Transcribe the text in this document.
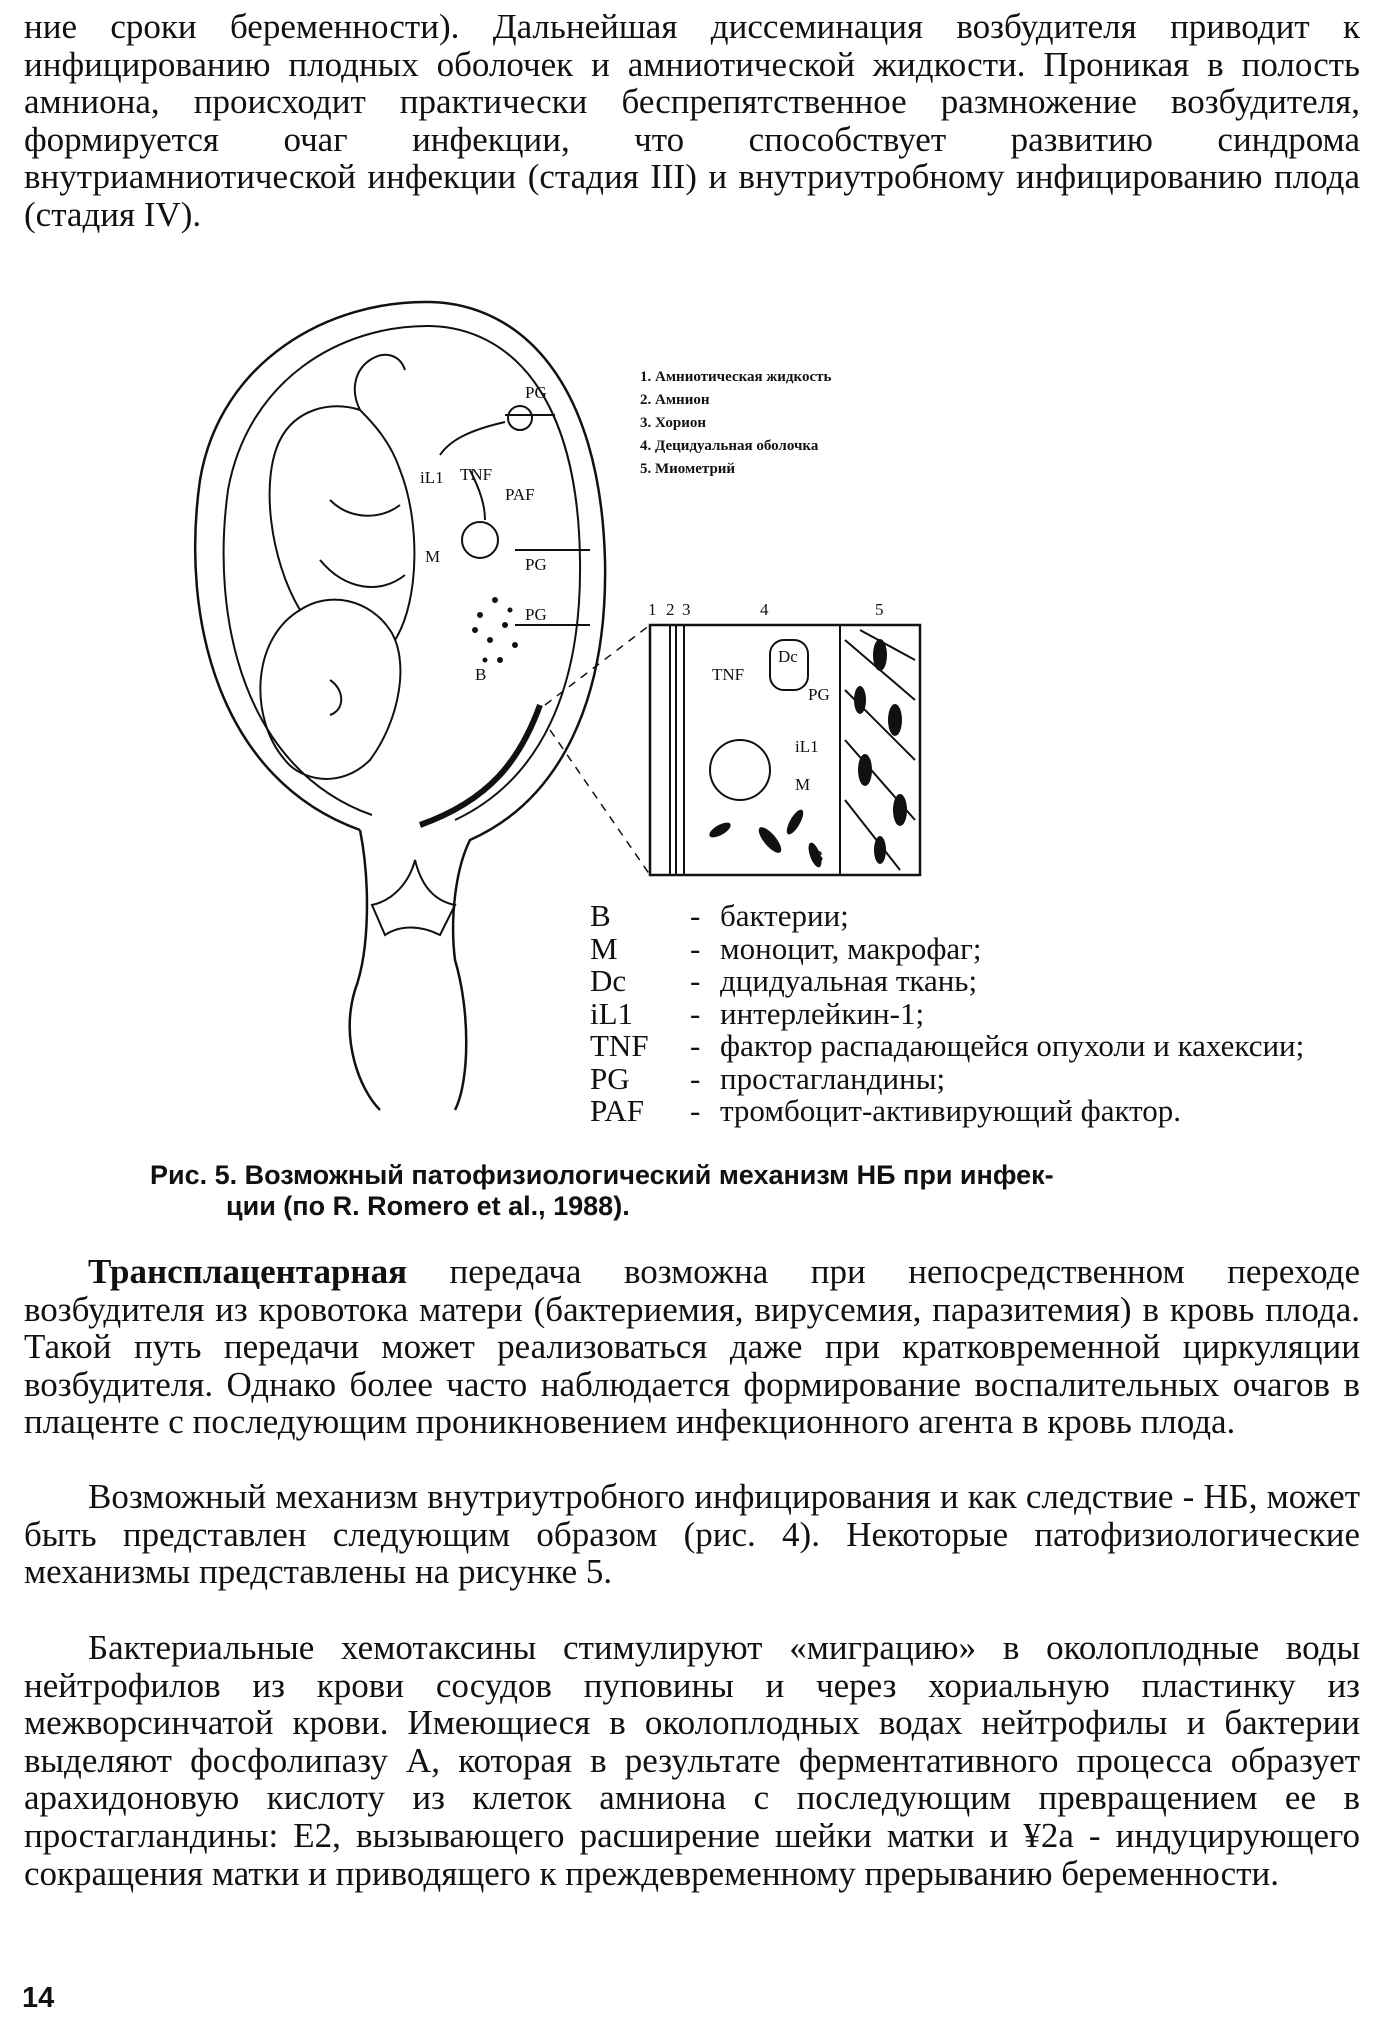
ние сроки беременности). Дальнейшая диссеминация возбудителя приводит к инфицированию плодных оболочек и амниотической жидкости. Проникая в полость амниона, происходит практически беспрепятственное размножение возбудителя, формируется очаг инфекции, что способствует развитию синдрома внутриамниотической инфекции (стадия III) и внутриутробному инфицированию плода (стадия IV).

PG
TNF
iL1
PAF
M	PG
PG
B
Dc
TNF
PG
iL1
M
B
1 2 3	4	5
1. Амниотическая жидкость
2. Амнион
3. Хорион
4. Децидуальная оболочка
5. Миометрий
B	- бактерии;
M	- моноцит, макрофаг;
Dc	- дцидуальная ткань;
iL1	- интерлейкин-1;
TNF	- фактор распадающейся опухоли и кахексии;
PG	- простагландины;
PAF	- тромбоцит-активирующий фактор.
Рис. 5. Возможный патофизиологический механизм НБ при инфек-
ции (по R. Romero et al., 1988).

Трансплацентарная передача возможна при непосредственном переходе возбудителя из кровотока матери (бактериемия, вирусемия, паразитемия) в кровь плода. Такой путь передачи может реализоваться даже при кратковременной циркуляции возбудителя. Однако более часто наблюдается формирование воспалительных очагов в плаценте с последующим проникновением инфекционного агента в кровь плода.

Возможный механизм внутриутробного инфицирования и как следствие - НБ, может быть представлен следующим образом (рис. 4). Некоторые патофизиологические механизмы представлены на рисунке 5.

Бактериальные хемотаксины стимулируют «миграцию» в околоплодные воды нейтрофилов из крови сосудов пуповины и через хориальную пластинку из межворсинчатой крови. Имеющиеся в околоплодных водах нейтрофилы и бактерии выделяют фосфолипазу А, которая в результате ферментативного процесса образует арахидоновую кислоту из клеток амниона с последующим превращением ее в простагландины: Е2, вызывающего расширение шейки матки и ¥2а - индуцирующего сокращения матки и приводящего к преждевременному прерыванию беременности.

14
